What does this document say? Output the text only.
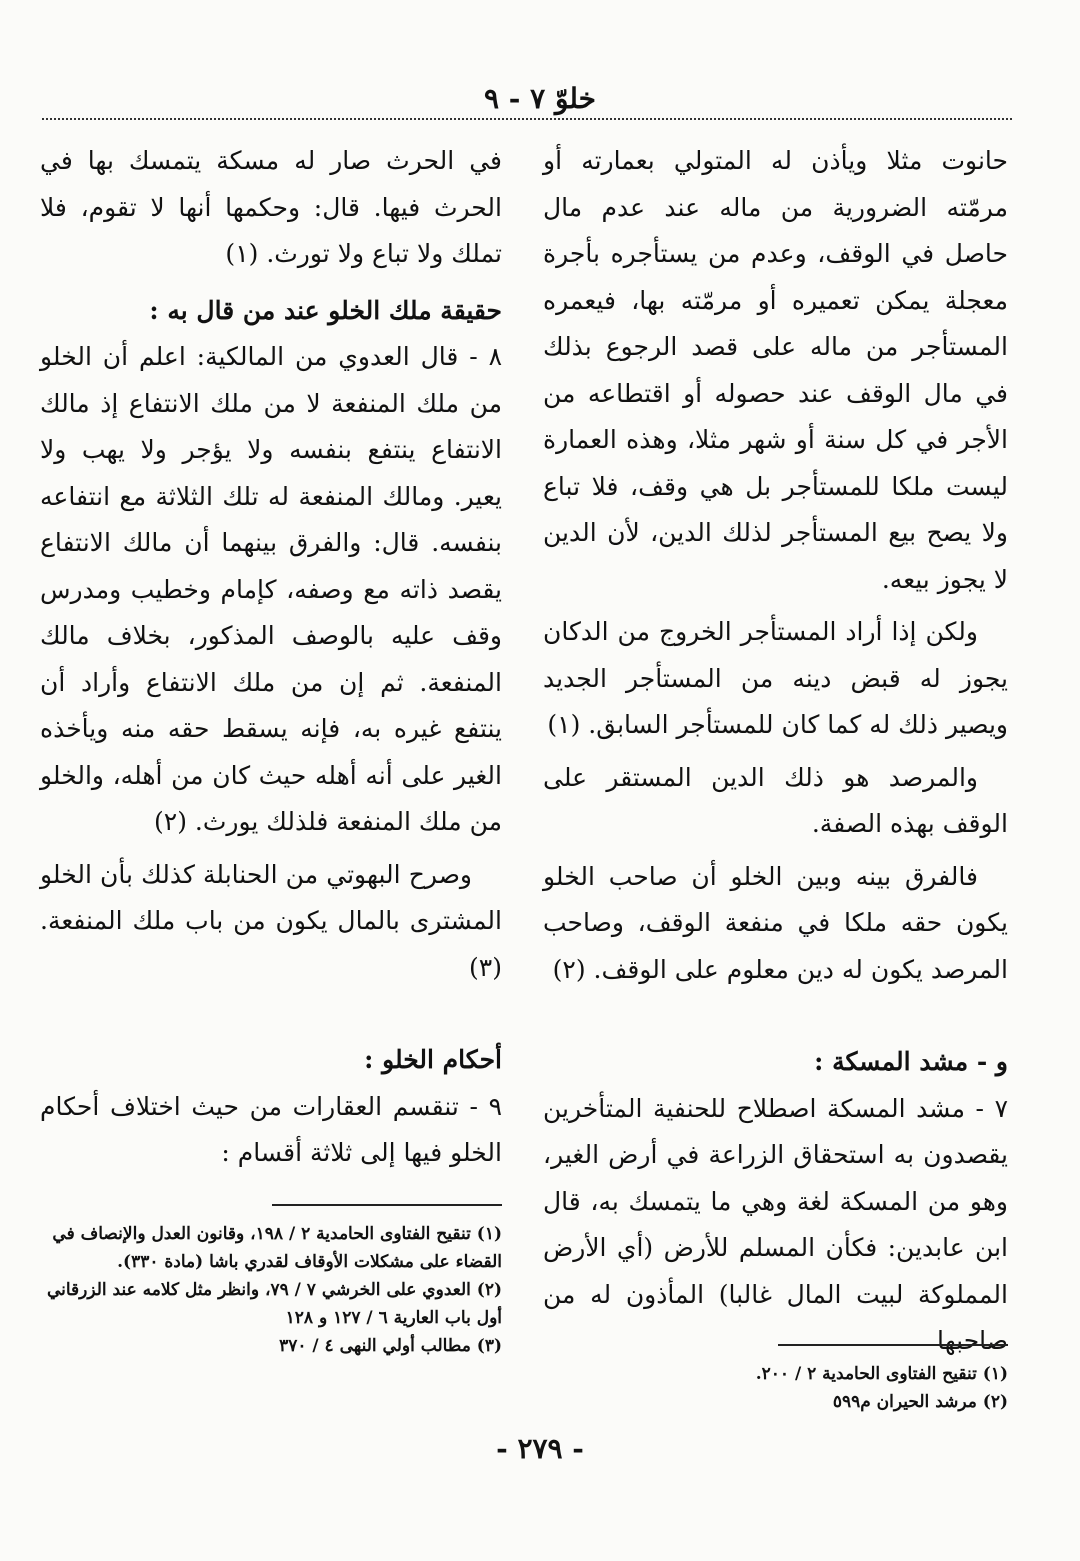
خلوّ ٧ - ٩

حانوت مثلا ويأذن له المتولي بعمارته أو مرمّته الضرورية من ماله عند عدم مال حاصل في الوقف، وعدم من يستأجره بأجرة معجلة يمكن تعميره أو مرمّته بها، فيعمره المستأجر من ماله على قصد الرجوع بذلك في مال الوقف عند حصوله أو اقتطاعه من الأجر في كل سنة أو شهر مثلا، وهذه العمارة ليست ملكا للمستأجر بل هي وقف، فلا تباع ولا يصح بيع المستأجر لذلك الدين، لأن الدين لا يجوز بيعه.

ولكن إذا أراد المستأجر الخروج من الدكان يجوز له قبض دينه من المستأجر الجديد ويصير ذلك له كما كان للمستأجر السابق. (١)

والمرصد هو ذلك الدين المستقر على الوقف بهذه الصفة.

فالفرق بينه وبين الخلو أن صاحب الخلو يكون حقه ملكا في منفعة الوقف، وصاحب المرصد يكون له دين معلوم على الوقف. (٢)

و - مشد المسكة :

٧ - مشد المسكة اصطلاح للحنفية المتأخرين يقصدون به استحقاق الزراعة في أرض الغير، وهو من المسكة لغة وهي ما يتمسك به، قال ابن عابدين: فكأن المسلم للأرض (أي الأرض المملوكة لبيت المال غالبا) المأذون له من صاحبها

(١) تنقيح الفتاوى الحامدية ٢ / ٢٠٠.

(٢) مرشد الحيران م٥٩٩

في الحرث صار له مسكة يتمسك بها في الحرث فيها. قال: وحكمها أنها لا تقوم، فلا تملك ولا تباع ولا تورث. (١)

حقيقة ملك الخلو عند من قال به :

٨ - قال العدوي من المالكية: اعلم أن الخلو من ملك المنفعة لا من ملك الانتفاع إذ مالك الانتفاع ينتفع بنفسه ولا يؤجر ولا يهب ولا يعير. ومالك المنفعة له تلك الثلاثة مع انتفاعه بنفسه. قال: والفرق بينهما أن مالك الانتفاع يقصد ذاته مع وصفه، كإمام وخطيب ومدرس وقف عليه بالوصف المذكور، بخلاف مالك المنفعة. ثم إن من ملك الانتفاع وأراد أن ينتفع غيره به، فإنه يسقط حقه منه ويأخذه الغير على أنه أهله حيث كان من أهله، والخلو من ملك المنفعة فلذلك يورث. (٢)

وصرح البهوتي من الحنابلة كذلك بأن الخلو المشترى بالمال يكون من باب ملك المنفعة. (٣)

أحكام الخلو :

٩ - تنقسم العقارات من حيث اختلاف أحكام الخلو فيها إلى ثلاثة أقسام :

(١) تنقيح الفتاوى الحامدية ٢ / ١٩٨، وقانون العدل والإنصاف في القضاء على مشكلات الأوقاف لقدري باشا (مادة ٣٣٠).

(٢) العدوي على الخرشي ٧ / ٧٩، وانظر مثل كلامه عند الزرقاني أول باب العارية ٦ / ١٢٧ و ١٢٨

(٣) مطالب أولي النهى ٤ / ٣٧٠

- ٢٧٩ -
